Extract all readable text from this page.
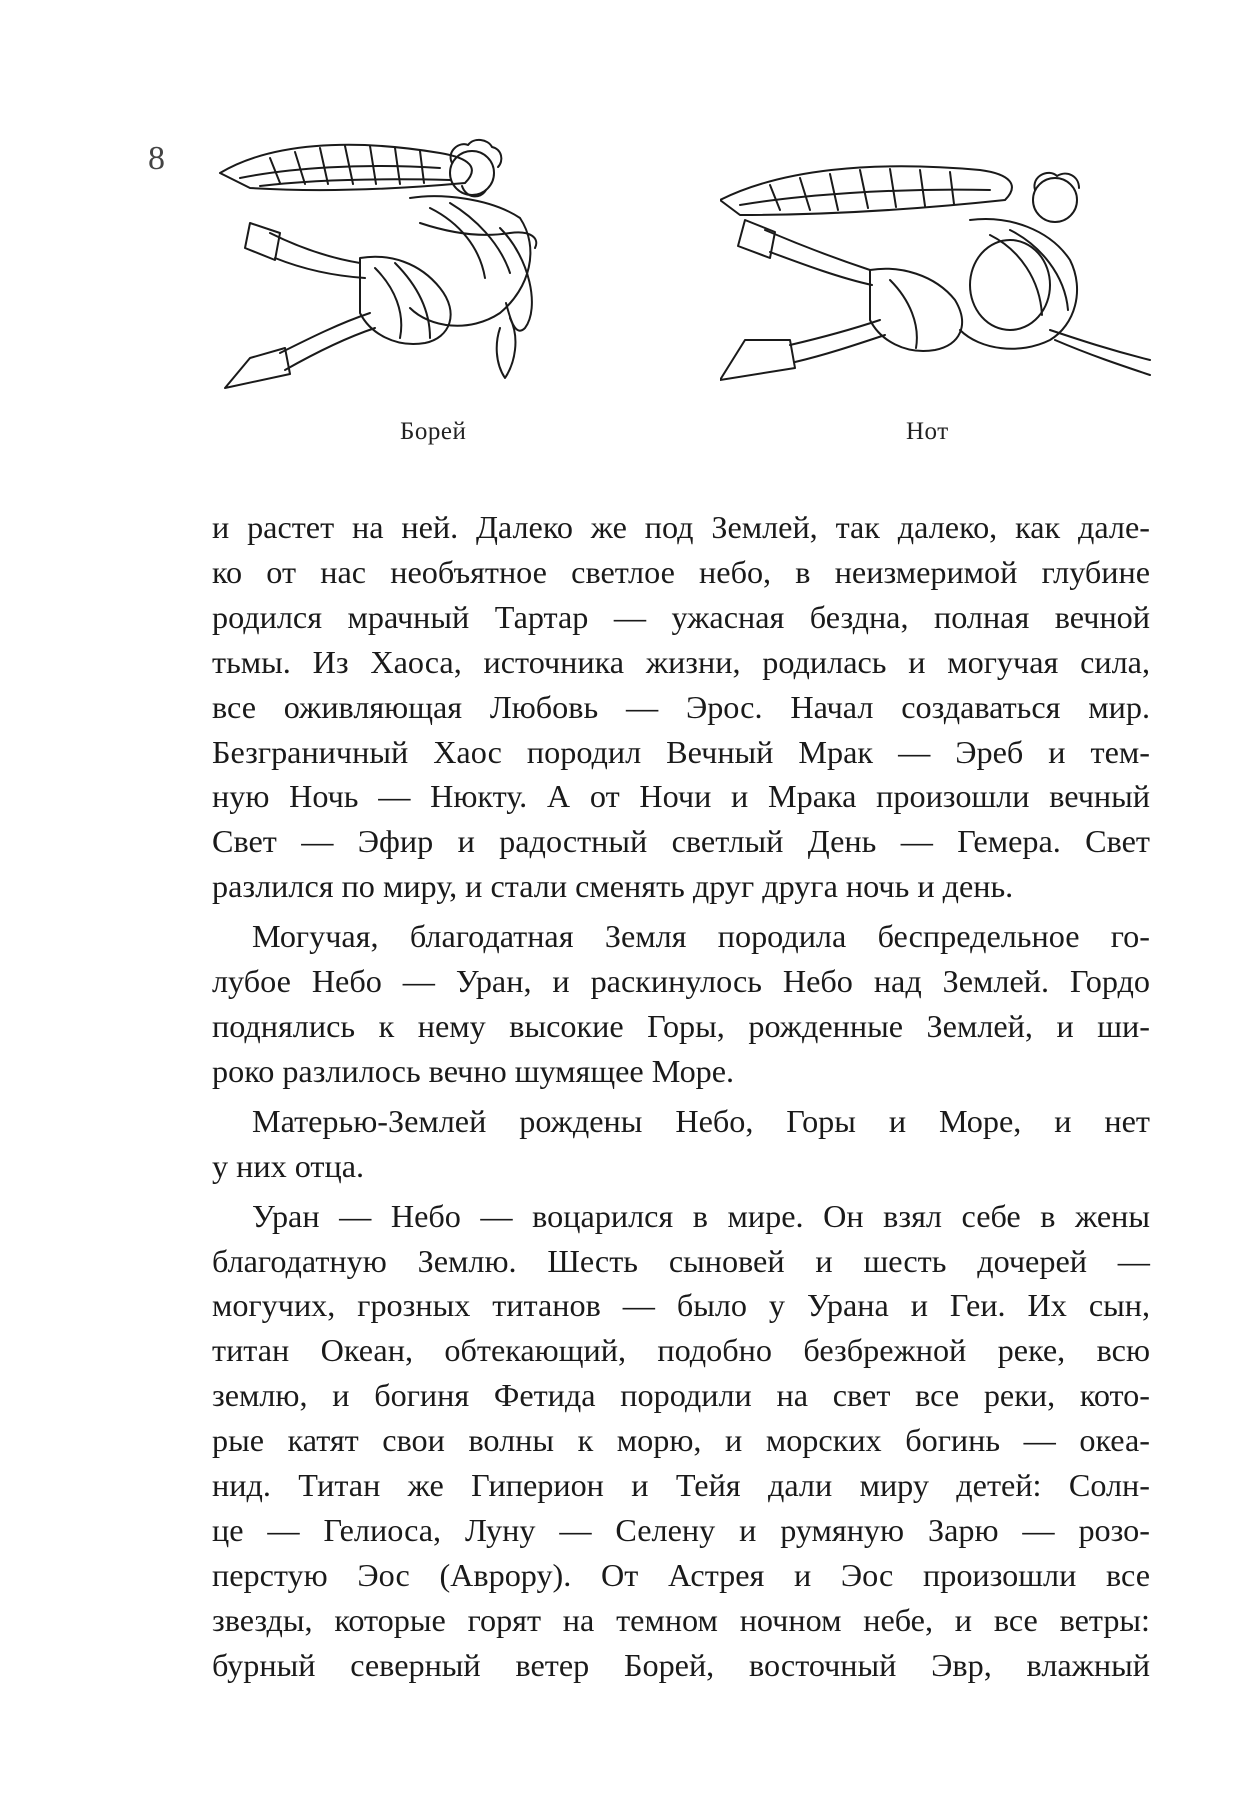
8
Борей	Нот

и растет на ней. Далеко же под Землей, так далеко, как дале-
ко от нас необъятное светлое небо, в неизмеримой глубине
родился мрачный Тартар — ужасная бездна, полная вечной
тьмы. Из Хаоса, источника жизни, родилась и могучая сила,
все оживляющая Любовь — Эрос. Начал создаваться мир.
Безграничный Хаос породил Вечный Мрак — Эреб и тем-
ную Ночь — Нюкту. А от Ночи и Мрака произошли вечный
Свет — Эфир и радостный светлый День — Гемера. Свет
разлился по миру, и стали сменять друг друга ночь и день.

Могучая, благодатная Земля породила беспредельное го-
лубое Небо — Уран, и раскинулось Небо над Землей. Гордо
поднялись к нему высокие Горы, рожденные Землей, и ши-
роко разлилось вечно шумящее Море.

Матерью-Землей рождены Небо, Горы и Море, и нет
у них отца.

Уран — Небо — воцарился в мире. Он взял себе в жены
благодатную Землю. Шесть сыновей и шесть дочерей —
могучих, грозных титанов — было у Урана и Геи. Их сын,
титан Океан, обтекающий, подобно безбрежной реке, всю
землю, и богиня Фетида породили на свет все реки, кото-
рые катят свои волны к морю, и морских богинь — океа-
нид. Титан же Гиперион и Тейя дали миру детей: Солн-
це — Гелиоса, Луну — Селену и румяную Зарю — розо-
перстую Эос (Аврору). От Астрея и Эос произошли все
звезды, которые горят на темном ночном небе, и все ветры:
бурный северный ветер Борей, восточный Эвр, влажный
